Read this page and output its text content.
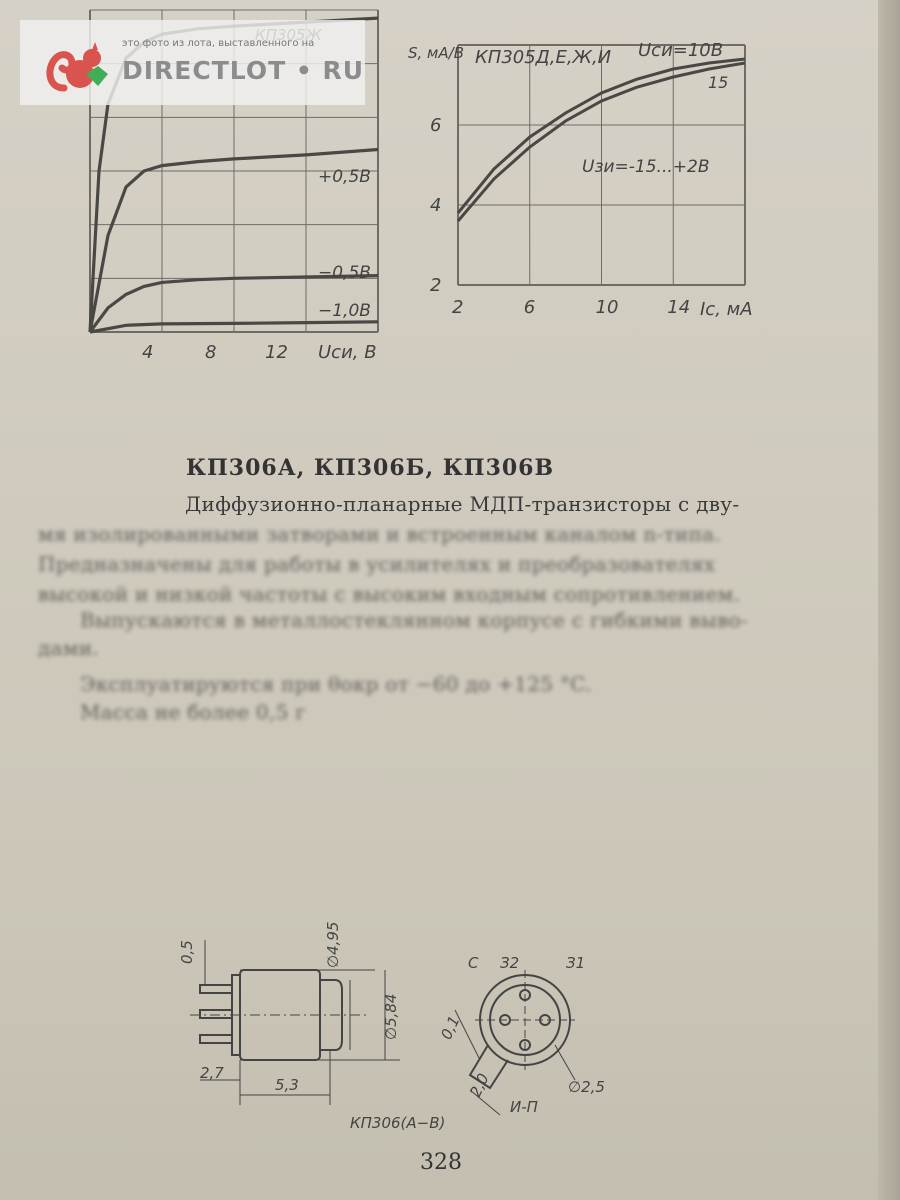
+0,5В
−0,5В
−1,0В
4	8	12 Uси, В
2	6	10	14
2
4
6
КП305Д,Е,Ж,И Uси=10В
15
Uзи=-15...+2В
S, мА/В
Iс, мА
это фото из лота, выставленного на
DIRECTLOT • RU
КП306А, КП306Б, КП306В
Диффузионно-планарные МДП-транзисторы с дву-
мя изолированными затворами и встроенным каналом n-типа.
Предназначены для работы в усилителях и преобразователях
высокой и низкой частоты с высоким входным сопротивлением.
Выпускаются в металлостеклянном корпусе с гибкими выво-
дами.
Эксплуатируются при θокр от −60 до +125 °C.
Масса не более 0,5 г
0,5	∅4,95
∅5,84
2,7
5,3
0,1
2,0	∅2,5
С З2	З1
И-П
КП306(А−В)
328
